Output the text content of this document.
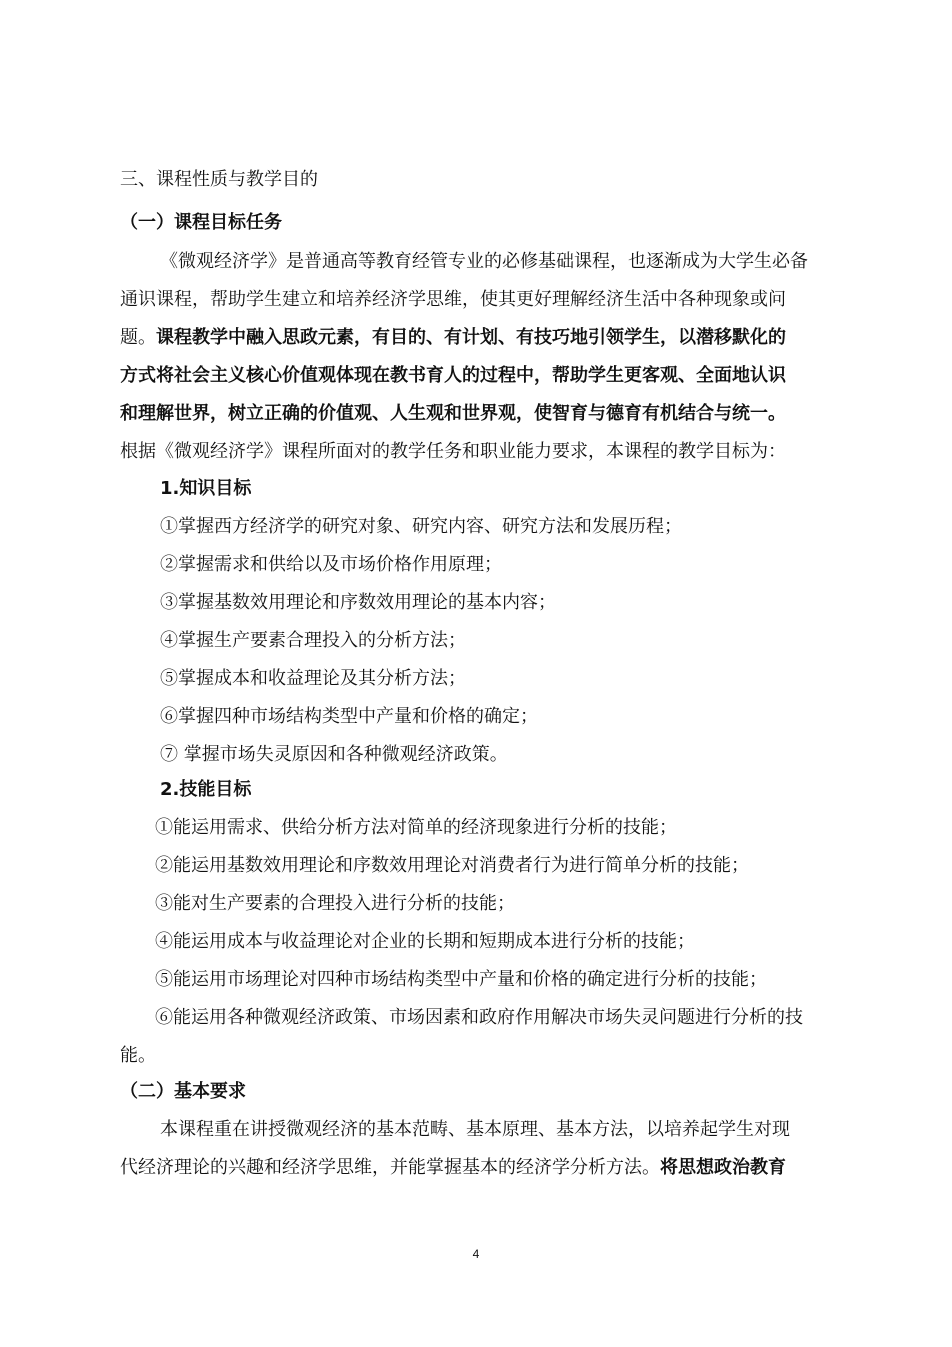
三、课程性质与教学目的
（一）课程目标任务
《微观经济学》是普通高等教育经管专业的必修基础课程，也逐渐成为大学生必备
通识课程，帮助学生建立和培养经济学思维，使其更好理解经济生活中各种现象或问
题。课程教学中融入思政元素，有目的、有计划、有技巧地引领学生，以潜移默化的
方式将社会主义核心价值观体现在教书育人的过程中，帮助学生更客观、全面地认识
和理解世界，树立正确的价值观、人生观和世界观，使智育与德育有机结合与统一。
根据《微观经济学》课程所面对的教学任务和职业能力要求，本课程的教学目标为：
1.知识目标
①掌握西方经济学的研究对象、研究内容、研究方法和发展历程；
②掌握需求和供给以及市场价格作用原理；
③掌握基数效用理论和序数效用理论的基本内容；
④掌握生产要素合理投入的分析方法；
⑤掌握成本和收益理论及其分析方法；
⑥掌握四种市场结构类型中产量和价格的确定；
⑦ 掌握市场失灵原因和各种微观经济政策。
2.技能目标
①能运用需求、供给分析方法对简单的经济现象进行分析的技能；
②能运用基数效用理论和序数效用理论对消费者行为进行简单分析的技能；
③能对生产要素的合理投入进行分析的技能；
④能运用成本与收益理论对企业的长期和短期成本进行分析的技能；
⑤能运用市场理论对四种市场结构类型中产量和价格的确定进行分析的技能；
⑥能运用各种微观经济政策、市场因素和政府作用解决市场失灵问题进行分析的技
能。
（二）基本要求
本课程重在讲授微观经济的基本范畴、基本原理、基本方法，以培养起学生对现
代经济理论的兴趣和经济学思维，并能掌握基本的经济学分析方法。将思想政治教育
4
